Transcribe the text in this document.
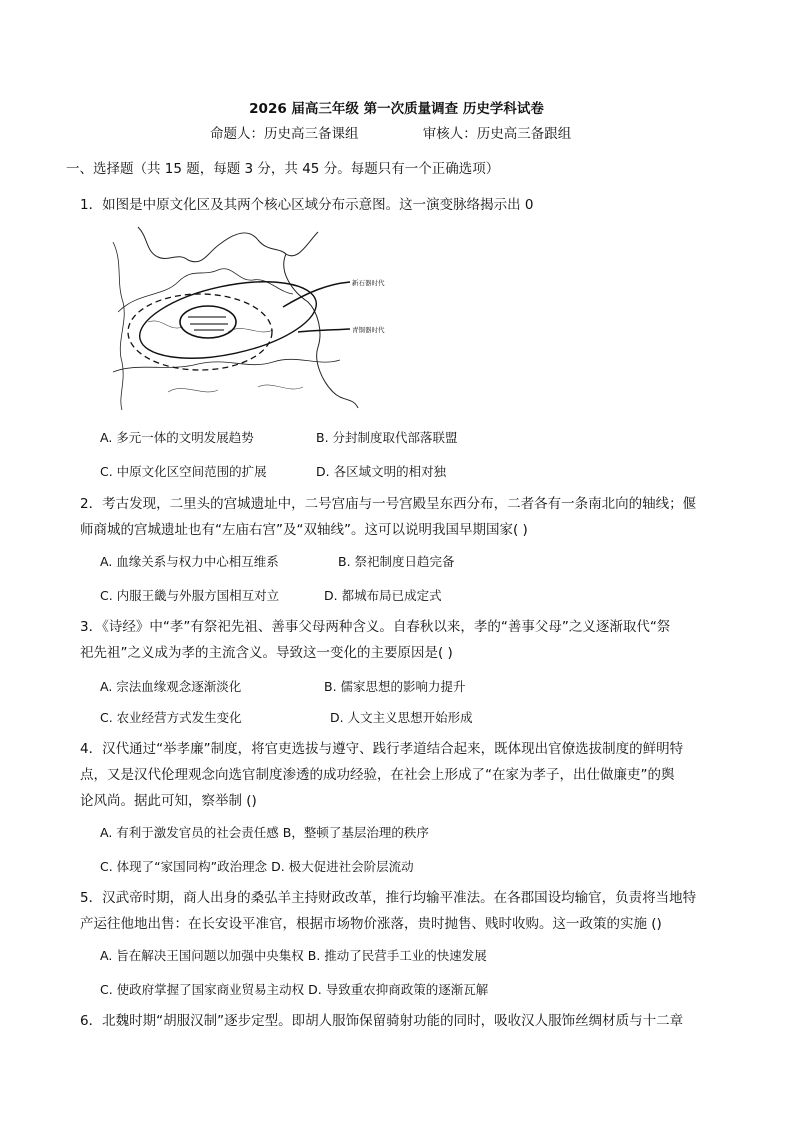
2026 届高三年级 第一次质量调查 历史学科试卷
命题人：历史高三备课组	审核人：历史高三备跟组
一、选择题（共 15 题，每题 3 分，共 45 分。每题只有一个正确选项）
1．如图是中原文化区及其两个核心区域分布示意图。这一演变脉络揭示出 0
新石器时代
青铜器时代
A. 多元一体的文明发展趋势	B. 分封制度取代部落联盟
C. 中原文化区空间范围的扩展	D. 各区域文明的相对独
2．考古发现，二里头的宫城遗址中，二号宫庙与一号宫殿呈东西分布，二者各有一条南北向的轴线；偃
师商城的宫城遗址也有“左庙右宫”及“双轴线”。这可以说明我国早期国家( )
A. 血缘关系与权力中心相互维系	B. 祭祀制度日趋完备
C. 内服王畿与外服方国相互对立	D. 都城布局已成定式
3．《诗经》中“孝”有祭祀先祖、善事父母两种含义。自春秋以来，孝的“善事父母”之义逐渐取代“祭
祀先祖”之义成为孝的主流含义。导致这一变化的主要原因是( )
A. 宗法血缘观念逐渐淡化	B. 儒家思想的影响力提升
C. 农业经营方式发生变化	D. 人文主义思想开始形成
4．汉代通过“举孝廉”制度，将官吏选拔与遵守、践行孝道结合起来，既体现出官僚选拔制度的鲜明特
点，又是汉代伦理观念向选官制度渗透的成功经验，在社会上形成了“在家为孝子，出仕做廉吏”的舆
论风尚。据此可知，察举制 ()
A. 有利于激发官员的社会责任感 B，整顿了基层治理的秩序
C. 体现了“家国同构”政治理念 D. 极大促进社会阶层流动
5．汉武帝时期，商人出身的桑弘羊主持财政改革，推行均输平准法。在各郡国设均输官，负责将当地特
产运往他地出售：在长安设平准官，根据市场物价涨落，贵时抛售、贱时收购。这一政策的实施 ()
A. 旨在解决王国问题以加强中央集权 B. 推动了民营手工业的快速发展
C. 使政府掌握了国家商业贸易主动权 D. 导致重农抑商政策的逐渐瓦解
6．北魏时期“胡服汉制”逐步定型。即胡人服饰保留骑射功能的同时，吸收汉人服饰丝绸材质与十二章
